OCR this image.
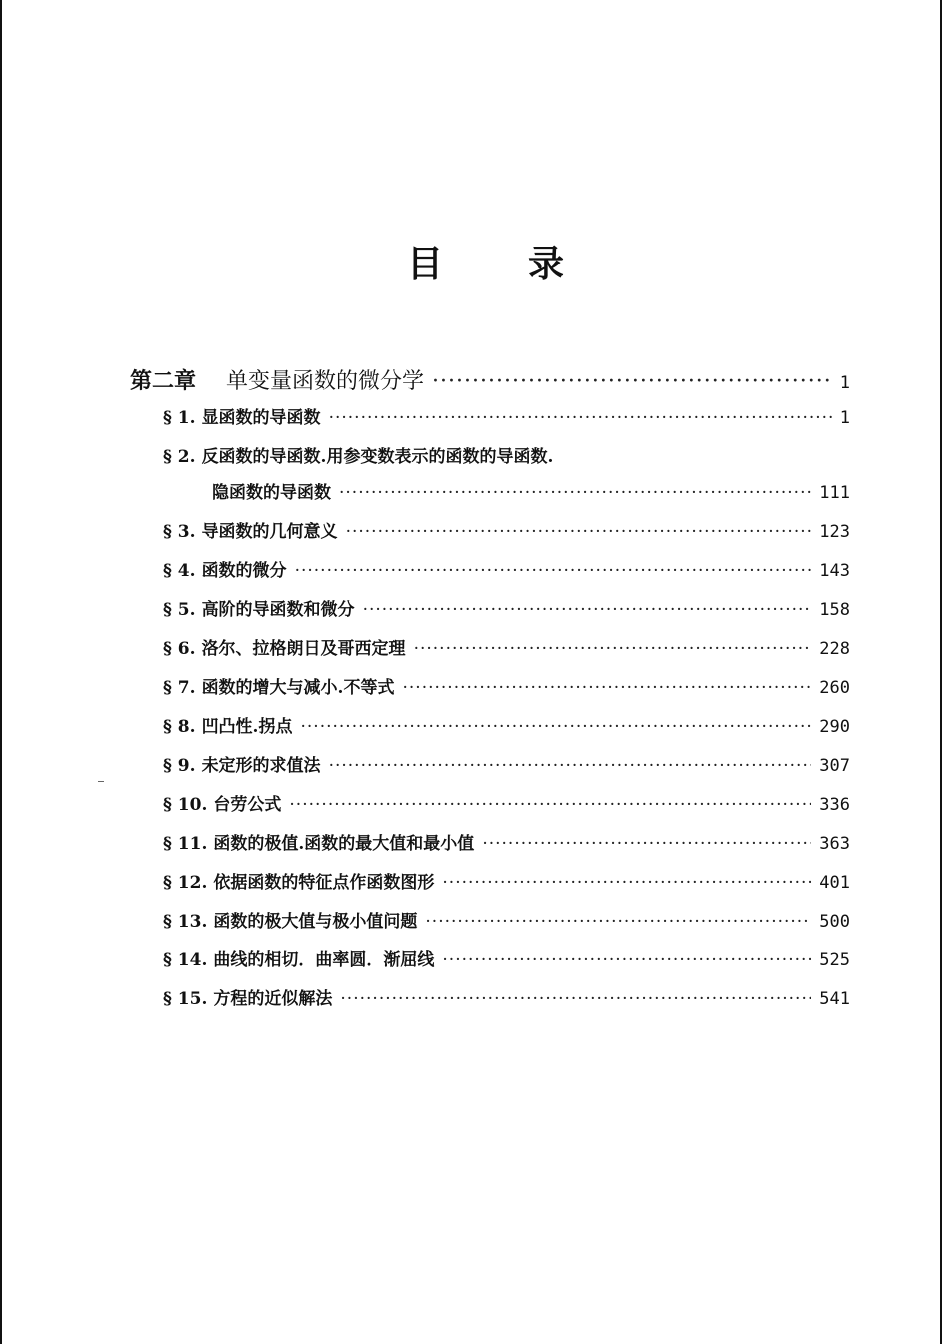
目 录
第二章 单变量函数的微分学 ·····	1
§ 1. 显函数的导函数 ·····	1
§ 2. 反函数的导函数.用参变数表示的函数的导函数.
隐函数的导函数 ·····	111
§ 3. 导函数的几何意义 ·····	123
§ 4. 函数的微分 ·····	143
§ 5. 高阶的导函数和微分 ·····	158
§ 6. 洛尔、拉格朗日及哥西定理 ·····	228
§ 7. 函数的增大与减小.不等式 ·····	260
§ 8. 凹凸性.拐点 ·····	290
§ 9. 未定形的求值法 ·····	307
§ 10. 台劳公式 ·····	336
§ 11. 函数的极值.函数的最大值和最小值 ·····	363
§ 12. 依据函数的特征点作函数图形 ·····	401
§ 13. 函数的极大值与极小值问题 ·····	500
§ 14. 曲线的相切．曲率圆．渐屈线 ·····	525
§ 15. 方程的近似解法 ·····	541
